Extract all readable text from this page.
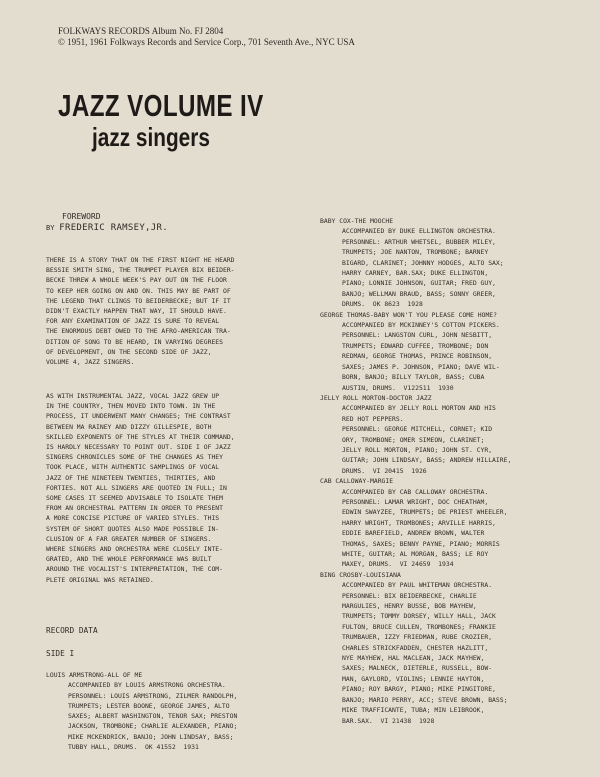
FOLKWAYS RECORDS Album No. FJ 2804
© 1951, 1961 Folkways Records and Service Corp., 701 Seventh Ave., NYC USA
JAZZ VOLUME IV
jazz singers
FOREWORD
BY FREDERIC RAMSEY,JR.
THERE IS A STORY THAT ON THE FIRST NIGHT HE HEARD
BESSIE SMITH SING, THE TRUMPET PLAYER BIX BEIDER-
BECKE THREW A WHOLE WEEK'S PAY OUT ON THE FLOOR
TO KEEP HER GOING ON AND ON. THIS MAY BE PART OF
THE LEGEND THAT CLINGS TO BEIDERBECKE; BUT IF IT
DIDN'T EXACTLY HAPPEN THAT WAY, IT SHOULD HAVE.
FOR ANY EXAMINATION OF JAZZ IS SURE TO REVEAL
THE ENORMOUS DEBT OWED TO THE AFRO-AMERICAN TRA-
DITION OF SONG TO BE HEARD, IN VARYING DEGREES
OF DEVELOPMENT, ON THE SECOND SIDE OF JAZZ,
VOLUME 4, JAZZ SINGERS.
AS WITH INSTRUMENTAL JAZZ, VOCAL JAZZ GREW UP
IN THE COUNTRY, THEN MOVED INTO TOWN. IN THE
PROCESS, IT UNDERWENT MANY CHANGES; THE CONTRAST
BETWEEN MA RAINEY AND DIZZY GILLESPIE, BOTH
SKILLED EXPONENTS OF THE STYLES AT THEIR COMMAND,
IS HARDLY NECESSARY TO POINT OUT. SIDE I OF JAZZ
SINGERS CHRONICLES SOME OF THE CHANGES AS THEY
TOOK PLACE, WITH AUTHENTIC SAMPLINGS OF VOCAL
JAZZ OF THE NINETEEN TWENTIES, THIRTIES, AND
FORTIES. NOT ALL SINGERS ARE QUOTED IN FULL; IN
SOME CASES IT SEEMED ADVISABLE TO ISOLATE THEM
FROM AN ORCHESTRAL PATTERN IN ORDER TO PRESENT
A MORE CONCISE PICTURE OF VARIED STYLES. THIS
SYSTEM OF SHORT QUOTES ALSO MADE POSSIBLE IN-
CLUSION OF A FAR GREATER NUMBER OF SINGERS.
WHERE SINGERS AND ORCHESTRA WERE CLOSELY INTE-
GRATED, AND THE WHOLE PERFORMANCE WAS BUILT
AROUND THE VOCALIST'S INTERPRETATION, THE COM-
PLETE ORIGINAL WAS RETAINED.
RECORD DATA
SIDE I
LOUIS ARMSTRONG-ALL OF ME
ACCOMPANIED BY LOUIS ARMSTRONG ORCHESTRA.
PERSONNEL: LOUIS ARMSTRONG, ZILMER RANDOLPH,
TRUMPETS; LESTER BOONE, GEORGE JAMES, ALTO
SAXES; ALBERT WASHINGTON, TENOR SAX; PRESTON
JACKSON, TROMBONE; CHARLIE ALEXANDER, PIANO;
MIKE MCKENDRICK, BANJO; JOHN LINDSAY, BASS;
TUBBY HALL, DRUMS.  OK 41552  1931
BABY COX-THE MOOCHE
ACCOMPANIED BY DUKE ELLINGTON ORCHESTRA.
PERSONNEL: ARTHUR WHETSEL, BUBBER MILEY,
TRUMPETS; JOE NANTON, TROMBONE; BARNEY
BIGARD, CLARINET; JOHNNY HODGES, ALTO SAX;
HARRY CARNEY, BAR.SAX; DUKE ELLINGTON,
PIANO; LONNIE JOHNSON, GUITAR; FRED GUY,
BANJO; WELLMAN BRAUD, BASS; SONNY GREER,
DRUMS.  OK 8623  1928
GEORGE THOMAS-BABY WON'T YOU PLEASE COME HOME?
ACCOMPANIED BY MCKINNEY'S COTTON PICKERS.
PERSONNEL: LANGSTON CURL, JOHN NESBITT,
TRUMPETS; EDWARD CUFFEE, TROMBONE; DON
REDMAN, GEORGE THOMAS, PRINCE ROBINSON,
SAXES; JAMES P. JOHNSON, PIANO; DAVE WIL-
BORN, BANJO; BILLY TAYLOR, BASS; CUBA
AUSTIN, DRUMS.  V122511  1930
JELLY ROLL MORTON-DOCTOR JAZZ
ACCOMPANIED BY JELLY ROLL MORTON AND HIS
RED HOT PEPPERS.
PERSONNEL: GEORGE MITCHELL, CORNET; KID
ORY, TROMBONE; OMER SIMEON, CLARINET;
JELLY ROLL MORTON, PIANO; JOHN ST. CYR,
GUITAR; JOHN LINDSAY, BASS; ANDREW HILLAIRE,
DRUMS.  VI 20415  1926
CAB CALLOWAY-MARGIE
ACCOMPANIED BY CAB CALLOWAY ORCHESTRA.
PERSONNEL: LAMAR WRIGHT, DOC CHEATHAM,
EDWIN SWAYZEE, TRUMPETS; DE PRIEST WHEELER,
HARRY WRIGHT, TROMBONES; ARVILLE HARRIS,
EDDIE BAREFIELD, ANDREW BROWN, WALTER
THOMAS, SAXES; BENNY PAYNE, PIANO; MORRIS
WHITE, GUITAR; AL MORGAN, BASS; LE ROY
MAXEY, DRUMS.  VI 24659  1934
BING CROSBY-LOUISIANA
ACCOMPANIED BY PAUL WHITEMAN ORCHESTRA.
PERSONNEL: BIX BEIDERBECKE, CHARLIE
MARGULIES, HENRY BUSSE, BOB MAYHEW,
TRUMPETS; TOMMY DORSEY, WILLY HALL, JACK
FULTON, BRUCE CULLEN, TROMBONES; FRANKIE
TRUMBAUER, IZZY FRIEDMAN, RUBE CROZIER,
CHARLES STRICKFADDEN, CHESTER HAZLITT,
NYE MAYHEW, HAL MACLEAN, JACK MAYHEW,
SAXES; MALNECK, DIETERLE, RUSSELL, BOW-
MAN, GAYLORD, VIOLINS; LENNIE HAYTON,
PIANO; ROY BARGY, PIANO; MIKE PINGITORE,
BANJO; MARIO PERRY, ACC; STEVE BROWN, BASS;
MIKE TRAFFICANTE, TUBA; MIN LEIBROOK,
BAR.SAX.  VI 21438  1928
